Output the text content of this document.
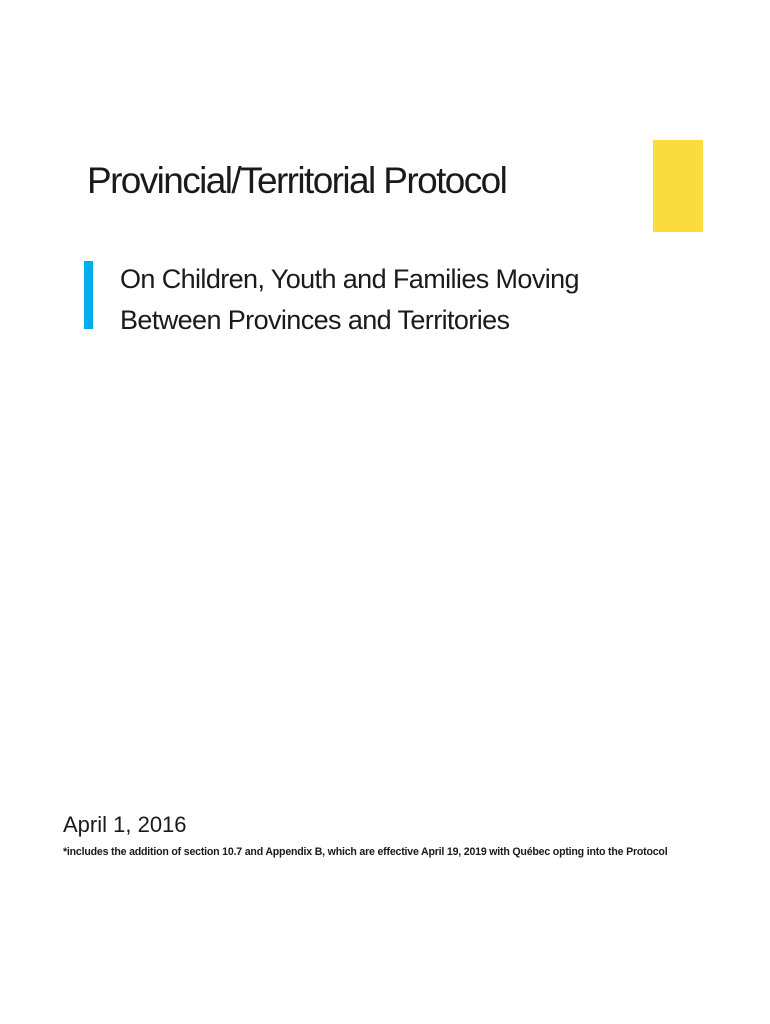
Provincial/Territorial Protocol
On Children, Youth and Families Moving
Between Provinces and Territories

April 1, 2016

*includes the addition of section 10.7 and Appendix B, which are effective April 19, 2019 with Québec opting into the Protocol
